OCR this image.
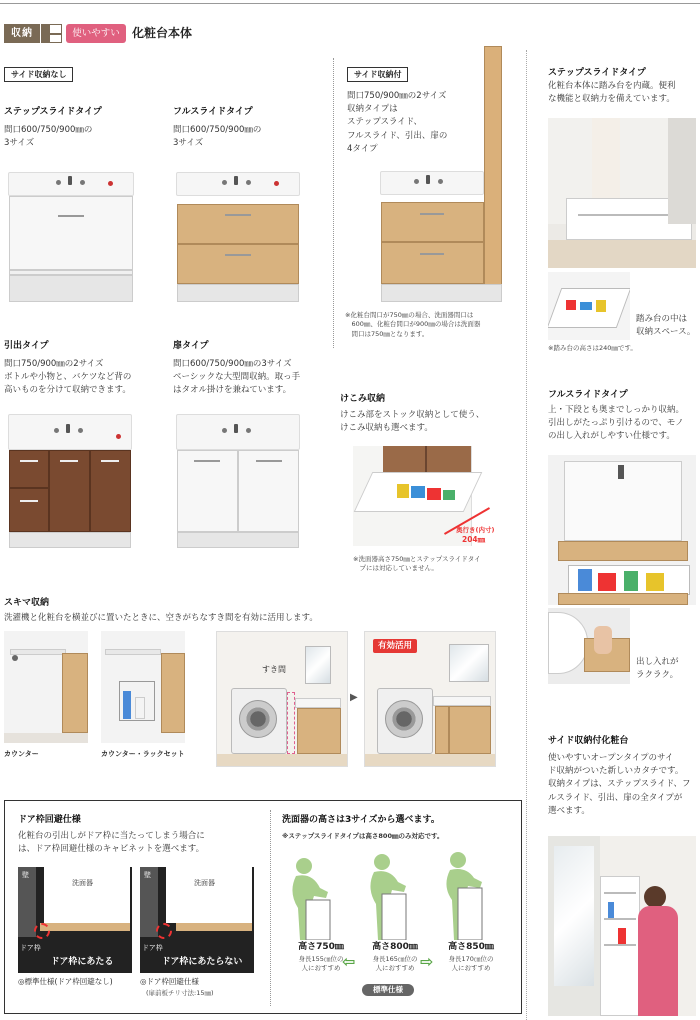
収納	使いやすい	化粧台本体
サイド収納なし
ステップスライドタイプ
間口600/750/900㎜の
3サイズ
フルスライドタイプ
間口600/750/900㎜の
3サイズ
サイド収納付
間口750/900㎜の2サイズ
収納タイプは
ステップスライド、
フルスライド、引出、扉の
4タイプ
※化粧台間口が750㎜の場合、洗面器間口は
　600㎜、化粧台間口が900㎜の場合は洗面器
　間口は750㎜となります。
引出タイプ
間口750/900㎜の2サイズ
ボトルや小物と、バケツなど背の
高いものを分けて収納できます。
扉タイプ
間口600/750/900㎜の3サイズ
ベーシックな大型間収納。取っ手
はタオル掛けを兼ねています。
けこみ収納
けこみ部をストック収納として使う、
けこみ収納も選べます。
奥行き(内寸)
204㎜
※洗面器高さ750㎜とステップスライドタイ
　プには対応していません。
スキマ収納
洗濯機と化粧台を横並びに置いたときに、空きがちなすき間を有効に活用します。
カウンター	カウンター・ラックセット
すき間
▶
有効活用
ステップスライドタイプ
化粧台本体に踏み台を内蔵。便利
な機能と収納力を備えています。
踏み台の中は
収納スペース。
※踏み台の高さは240㎜です。
フルスライドタイプ
上・下段とも奥までしっかり収納。
引出しがたっぷり引けるので、モノ
の出し入れがしやすい仕様です。
出し入れが
ラクラク。
サイド収納付化粧台
使いやすいオープンタイプのサイ
ド収納がついた新しいカタチです。
収納タイプは、ステップスライド、フ
ルスライド、引出、扉の全タイプが
選べます。
ドア枠回避仕様
化粧台の引出しがドア枠に当たってしまう場合に
は、ドア枠回避仕様のキャビネットを選べます。
壁
洗面器
ドア枠
ドア枠にあたる
◎標準仕様(ドア枠回避なし)
壁
洗面器
ドア枠
ドア枠にあたらない
◎ドア枠回避仕様
(扉前板チリ寸法:15㎜)
洗面器の高さは3サイズから選べます。
※ステップスライドタイプは高さ800㎜のみ対応です。
高さ750㎜
身長155㎝位の
人におすすめ ⇦
高さ800㎜
身長165㎝位の
人におすすめ ⇨
高さ850㎜
身長170㎝位の
人におすすめ
標準仕様
